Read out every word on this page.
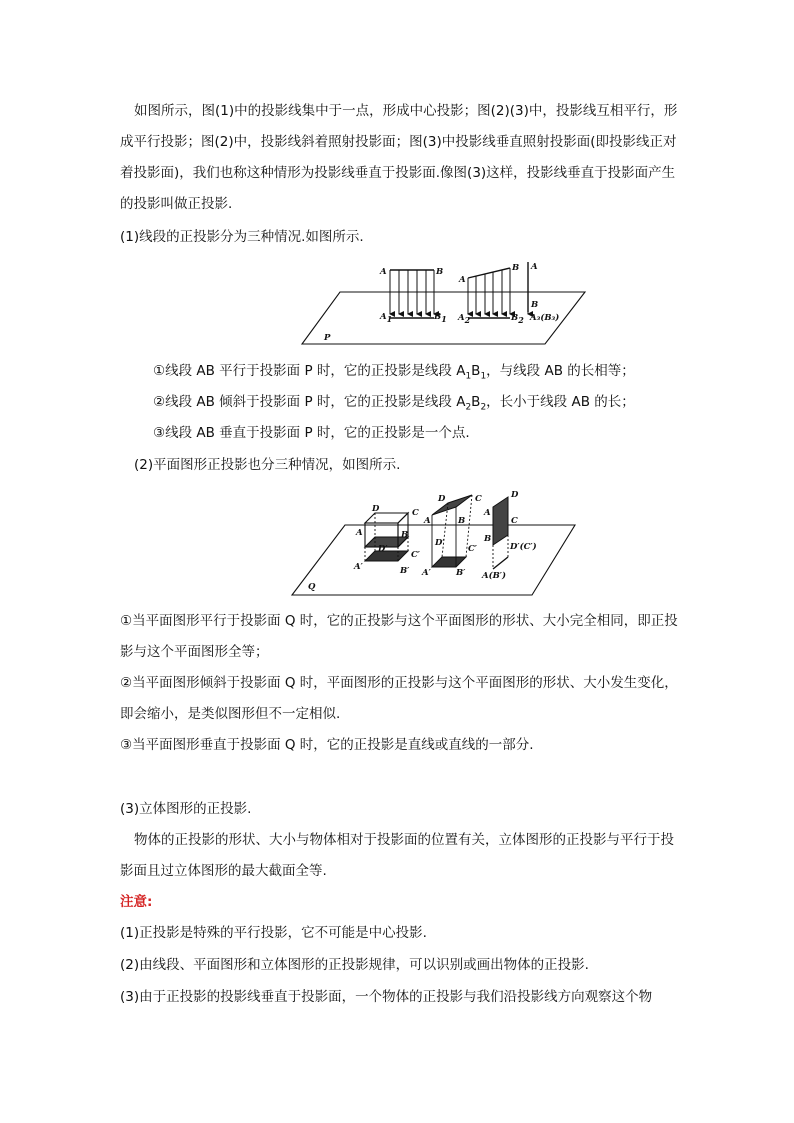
如图所示，图(1)中的投影线集中于一点，形成中心投影；图(2)(3)中，投影线互相平行，形成平行投影；图(2)中，投影线斜着照射投影面；图(3)中投影线垂直照射投影面(即投影线正对着投影面)，我们也称这种情形为投影线垂直于投影面.像图(3)这样，投影线垂直于投影面产生的投影叫做正投影.

(1)线段的正投影分为三种情况.如图所示.

P
A	B
A1	B1
A
B
A2	B2
A
B
A₃(B₃)

①线段 AB 平行于投影面 P 时，它的正投影是线段 $A_1B_1$，与线段 AB 的长相等；

②线段 AB 倾斜于投影面 P 时，它的正投影是线段 $A_2B_2$，长小于线段 AB 的长；

③线段 AB 垂直于投影面 P 时，它的正投影是一个点.

(2)平面图形正投影也分三种情况，如图所示.

Q
D	C
A	B
D′
C′
A′	B′
D	C
A	B
D′
C′
A′	B′
D
A
C
B
D′(C′)
A(B′)

①当平面图形平行于投影面 Q 时，它的正投影与这个平面图形的形状、大小完全相同，即正投影与这个平面图形全等；

②当平面图形倾斜于投影面 Q 时，平面图形的正投影与这个平面图形的形状、大小发生变化，即会缩小，是类似图形但不一定相似.

③当平面图形垂直于投影面 Q 时，它的正投影是直线或直线的一部分.

(3)立体图形的正投影.

物体的正投影的形状、大小与物体相对于投影面的位置有关，立体图形的正投影与平行于投影面且过立体图形的最大截面全等.

注意:

(1)正投影是特殊的平行投影，它不可能是中心投影.

(2)由线段、平面图形和立体图形的正投影规律，可以识别或画出物体的正投影.

(3)由于正投影的投影线垂直于投影面，一个物体的正投影与我们沿投影线方向观察这个物
